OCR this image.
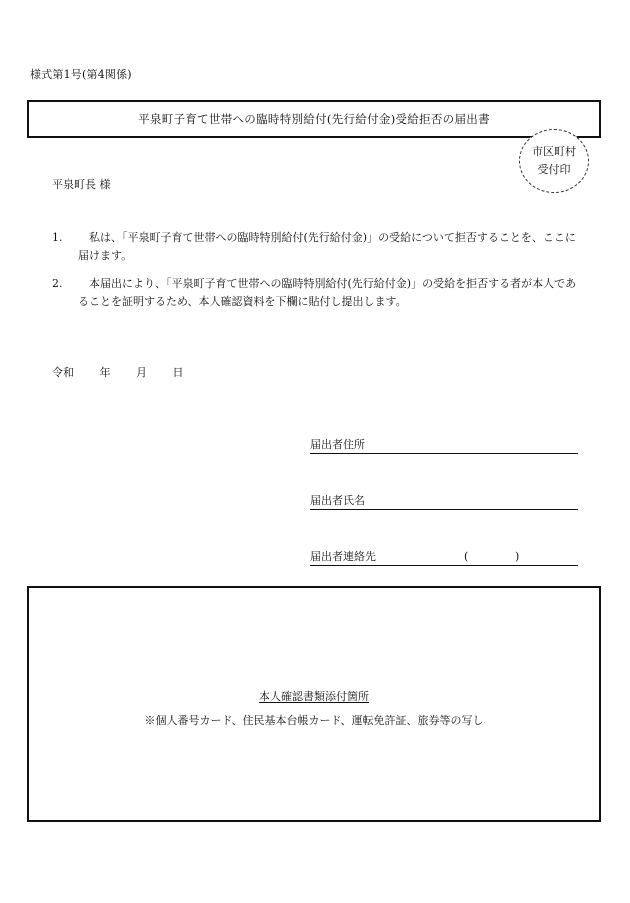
様式第1号(第4関係)
平泉町子育て世帯への臨時特別給付(先行給付金)受給拒否の届出書
市区町村
受付印
平泉町長 様
1.	私は、「平泉町子育て世帯への臨時特別給付(先行給付金)」の受給について拒否することを、ここに届けます。
2.	本届出により、「平泉町子育て世帯への臨時特別給付(先行給付金)」の受給を拒否する者が本人であることを証明するため、本人確認資料を下欄に貼付し提出します。
令和 年 月 日
届出者住所
届出者氏名
届出者連絡先	(	)
本人確認書類添付箇所
※個人番号カード、住民基本台帳カード、運転免許証、旅券等の写し
